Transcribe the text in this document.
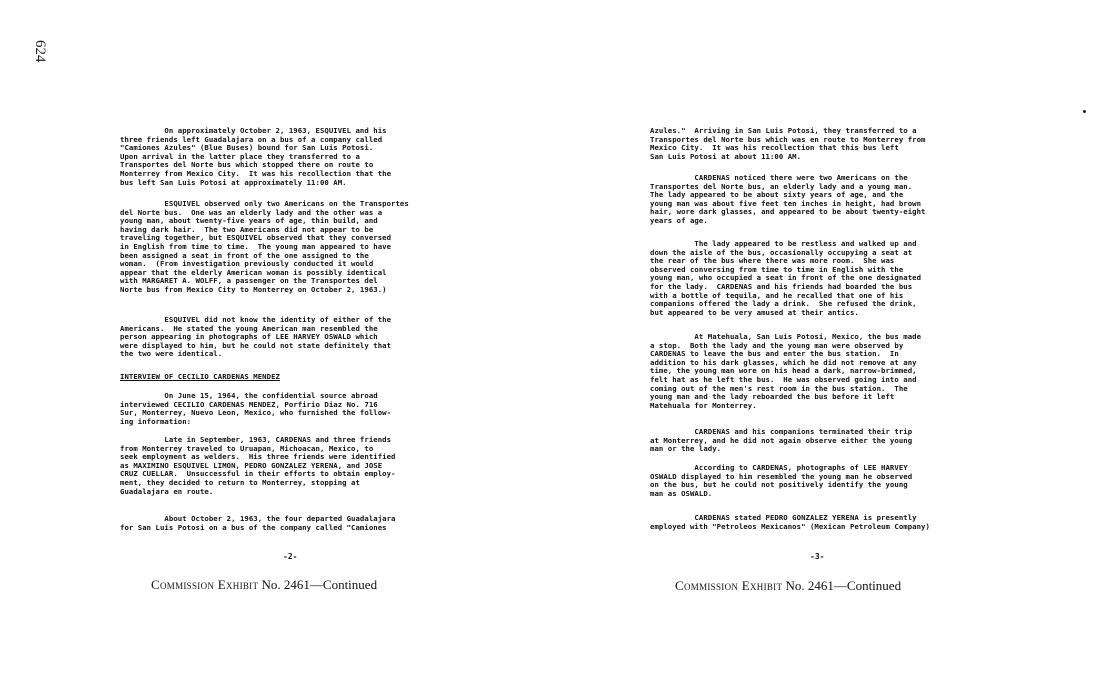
624
On approximately October 2, 1963, ESQUIVEL and his
three friends left Guadalajara on a bus of a company called
"Camiones Azules" (Blue Buses) bound for San Luis Potosi.
Upon arrival in the latter place they transferred to a
Transportes del Norte bus which stopped there on route to
Monterrey from Mexico City.  It was his recollection that the
bus left San Luis Potosi at approximately 11:00 AM.
ESQUIVEL observed only two Americans on the Transportes
del Norte bus.  One was an elderly lady and the other was a
young man, about twenty-five years of age, thin build, and
having dark hair.  The two Americans did not appear to be
traveling together, but ESQUIVEL observed that they conversed
in English from time to time.  The young man appeared to have
been assigned a seat in front of the one assigned to the
woman.  (From investigation previously conducted it would
appear that the elderly American woman is possibly identical
with MARGARET A. WOLFF, a passenger on the Transportes del
Norte bus from Mexico City to Monterrey on October 2, 1963.)
ESQUIVEL did not know the identity of either of the
Americans.  He stated the young American man resembled the
person appearing in photographs of LEE HARVEY OSWALD which
were displayed to him, but he could not state definitely that
the two were identical.
INTERVIEW OF CECILIO CARDENAS MENDEZ
On June 15, 1964, the confidential source abroad
interviewed CECILIO CARDENAS MENDEZ, Porfirio Diaz No. 716
Sur, Monterrey, Nuevo Leon, Mexico, who furnished the follow-
ing information:
Late in September, 1963, CARDENAS and three friends
from Monterrey traveled to Uruapan, Michoacan, Mexico, to
seek employment as welders.  His three friends were identified
as MAXIMINO ESQUIVEL LIMON, PEDRO GONZALEZ YERENA, and JOSE
CRUZ CUELLAR.  Unsuccessful in their efforts to obtain employ-
ment, they decided to return to Monterrey, stopping at
Guadalajara en route.
About October 2, 1963, the four departed Guadalajara
for San Luis Potosi on a bus of the company called "Camiones
-2-
Commission Exhibit No. 2461—Continued
Azules."  Arriving in San Luis Potosi, they transferred to a
Transportes del Norte bus which was en route to Monterrey from
Mexico City.  It was his recollection that this bus left
San Luis Potosi at about 11:00 AM.
CARDENAS noticed there were two Americans on the
Transportes del Norte bus, an elderly lady and a young man.
The lady appeared to be about sixty years of age, and the
young man was about five feet ten inches in height, had brown
hair, wore dark glasses, and appeared to be about twenty-eight
years of age.
The lady appeared to be restless and walked up and
down the aisle of the bus, occasionally occupying a seat at
the rear of the bus where there was more room.  She was
observed conversing from time to time in English with the
young man, who occupied a seat in front of the one designated
for the lady.  CARDENAS and his friends had boarded the bus
with a bottle of tequila, and he recalled that one of his
companions offered the lady a drink.  She refused the drink,
but appeared to be very amused at their antics.
At Matehuala, San Luis Potosi, Mexico, the bus made
a stop.  Both the lady and the young man were observed by
CARDENAS to leave the bus and enter the bus station.  In
addition to his dark glasses, which he did not remove at any
time, the young man wore on his head a dark, narrow-brimmed,
felt hat as he left the bus.  He was observed going into and
coming out of the men's rest room in the bus station.  The
young man and the lady reboarded the bus before it left
Matehuala for Monterrey.
CARDENAS and his companions terminated their trip
at Monterrey, and he did not again observe either the young
man or the lady.
According to CARDENAS, photographs of LEE HARVEY
OSWALD displayed to him resembled the young man he observed
on the bus, but he could not positively identify the young
man as OSWALD.
CARDENAS stated PEDRO GONZALEZ YERENA is presently
employed with "Petroleos Mexicanos" (Mexican Petroleum Company)
-3-
Commission Exhibit No. 2461—Continued
